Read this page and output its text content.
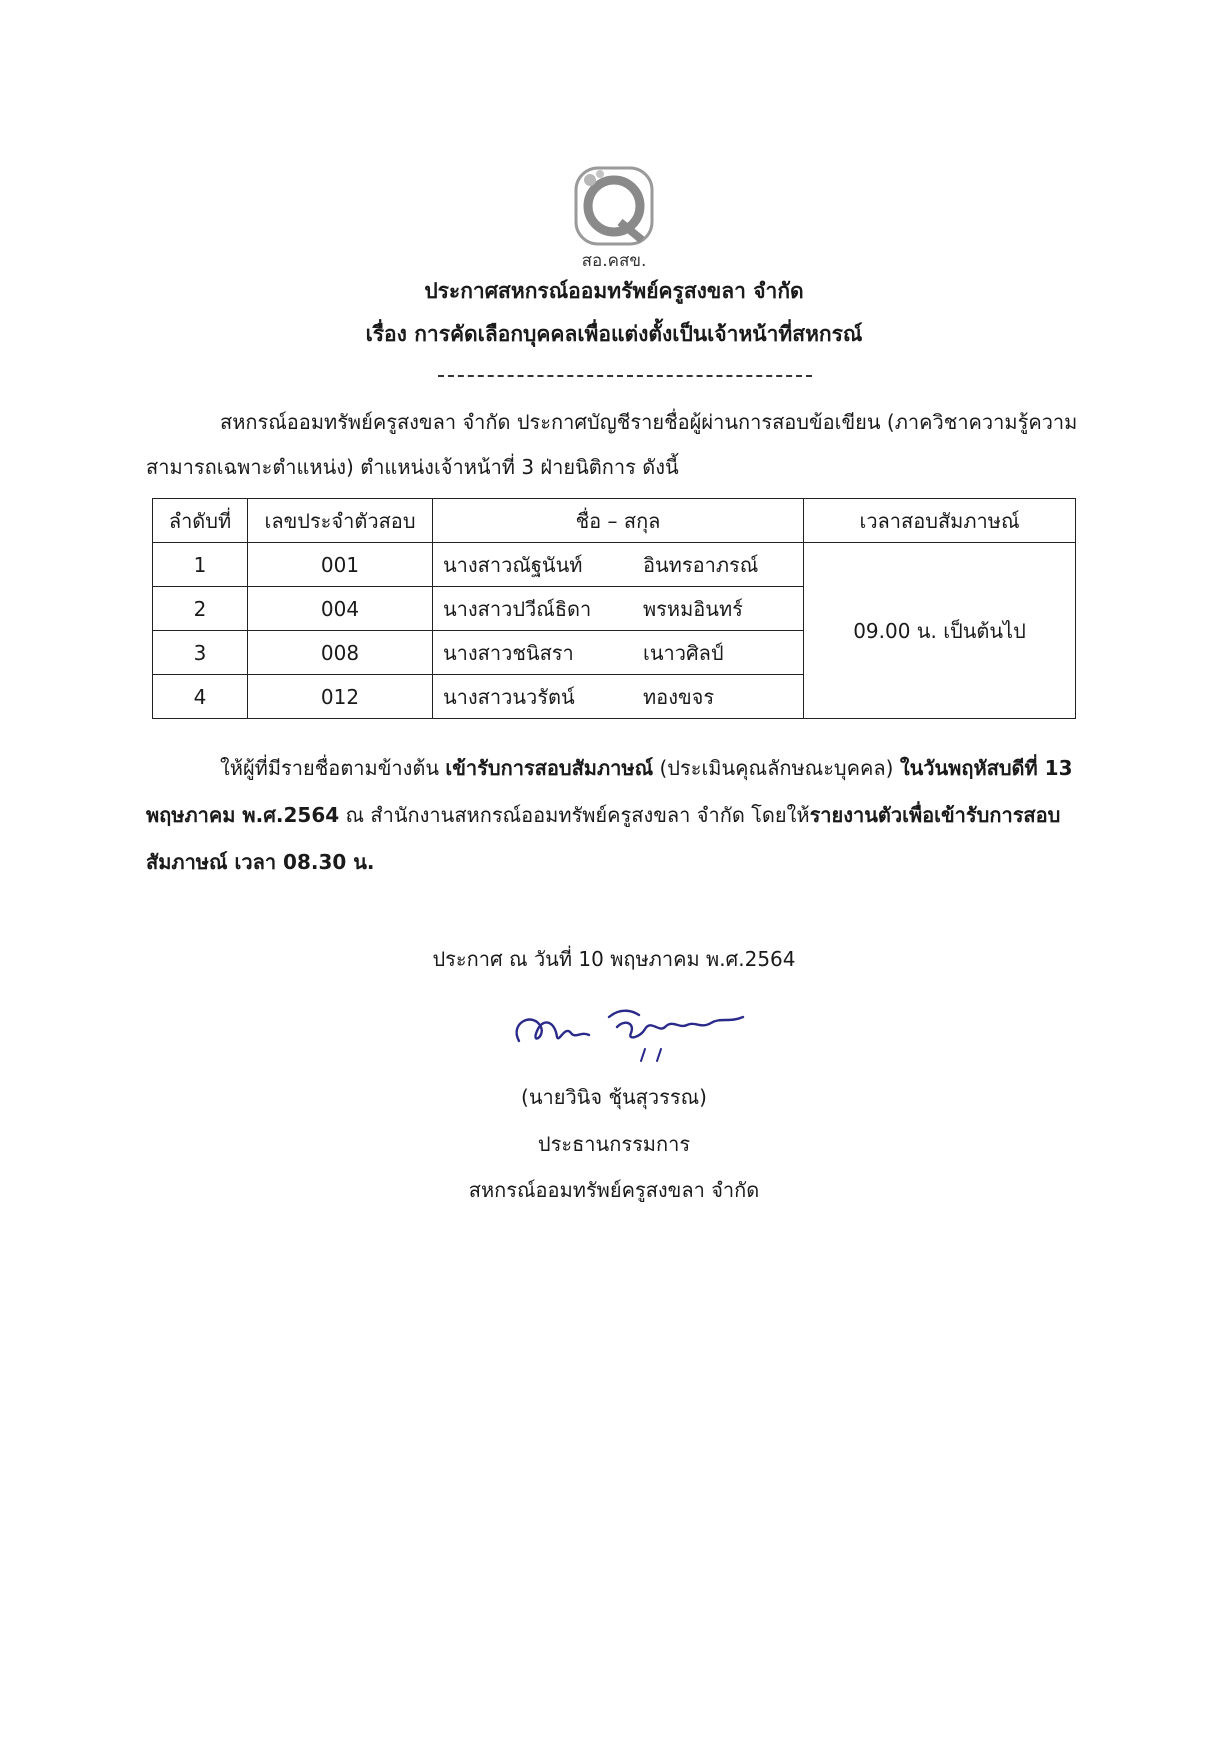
สอ.คสข.
ประกาศสหกรณ์ออมทรัพย์ครูสงขลา จำกัด
เรื่อง การคัดเลือกบุคคลเพื่อแต่งตั้งเป็นเจ้าหน้าที่สหกรณ์
สหกรณ์ออมทรัพย์ครูสงขลา จำกัด ประกาศบัญชีรายชื่อผู้ผ่านการสอบข้อเขียน (ภาควิชาความรู้ความสามารถเฉพาะตำแหน่ง) ตำแหน่งเจ้าหน้าที่ 3 ฝ่ายนิติการ ดังนี้
ลำดับที่	เลขประจำตัวสอบ	ชื่อ – สกุล	เวลาสอบสัมภาษณ์
1	001	นางสาวณัฐนันท์ อินทรอาภรณ์	09.00 น. เป็นต้นไป
2	004	นางสาวปวีณ์ธิดา พรหมอินทร์	
3	008	นางสาวชนิสรา เนาวศิลป์	
4	012	นางสาวนวรัตน์ ทองขจร	
ให้ผู้ที่มีรายชื่อตามข้างต้น เข้ารับการสอบสัมภาษณ์ (ประเมินคุณลักษณะบุคคล) ในวันพฤหัสบดีที่ 13 พฤษภาคม พ.ศ.2564 ณ สำนักงานสหกรณ์ออมทรัพย์ครูสงขลา จำกัด โดยให้รายงานตัวเพื่อเข้ารับการสอบสัมภาษณ์ เวลา 08.30 น.
ประกาศ ณ วันที่ 10 พฤษภาคม พ.ศ.2564
(นายวินิจ ชุ้นสุวรรณ)
ประธานกรรมการ
สหกรณ์ออมทรัพย์ครูสงขลา จำกัด
